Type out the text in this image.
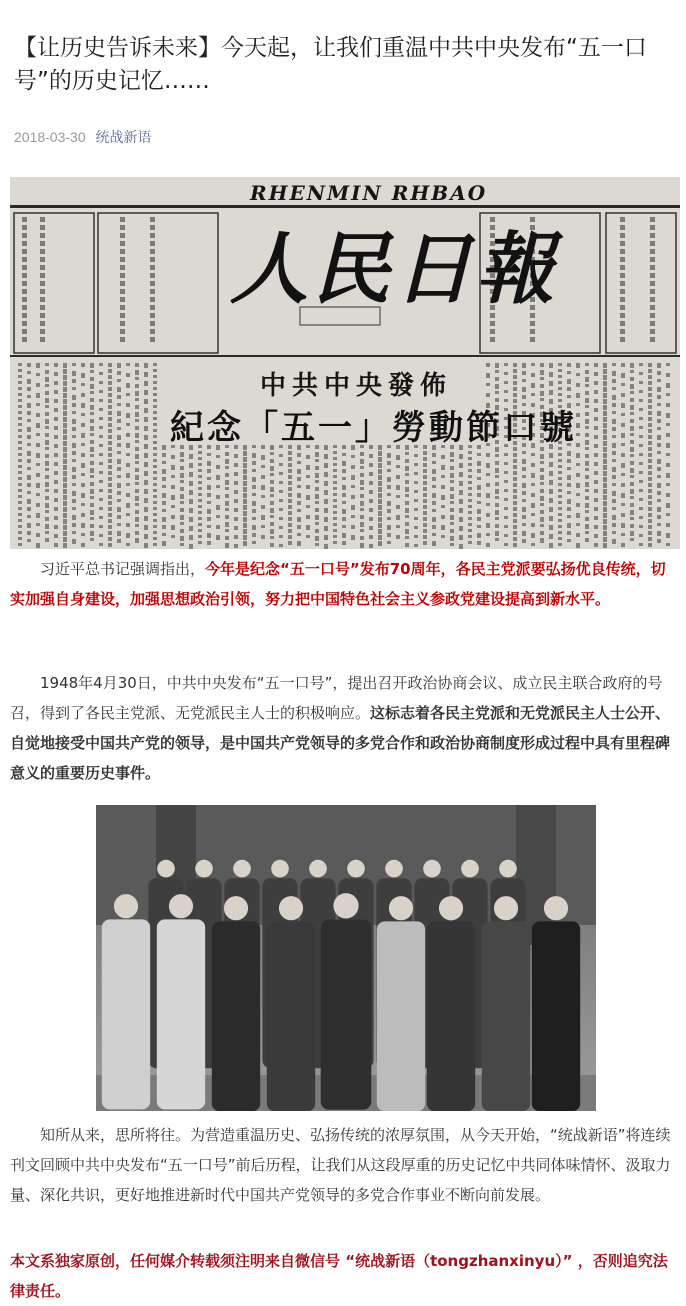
【让历史告诉未来】今天起，让我们重温中共中央发布“五一口号”的历史记忆……
2018-03-30 统战新语
RHENMIN RHBAO
人民日報
中共中央發佈
紀念「五一」勞動節口號

习近平总书记强调指出，今年是纪念“五一口号”发布70周年，各民主党派要弘扬优良传统，切实加强自身建设，加强思想政治引领，努力把中国特色社会主义参政党建设提高到新水平。

1948年4月30日，中共中央发布“五一口号”，提出召开政治协商会议、成立民主联合政府的号召，得到了各民主党派、无党派民主人士的积极响应。这标志着各民主党派和无党派民主人士公开、自觉地接受中国共产党的领导，是中国共产党领导的多党合作和政治协商制度形成过程中具有里程碑意义的重要历史事件。

知所从来，思所将往。为营造重温历史、弘扬传统的浓厚氛围，从今天开始，“统战新语”将连续刊文回顾中共中央发布“五一口号”前后历程，让我们从这段厚重的历史记忆中共同体味情怀、汲取力量、深化共识，更好地推进新时代中国共产党领导的多党合作事业不断向前发展。

本文系独家原创，任何媒介转载须注明来自微信号 “统战新语（tongzhanxinyu）” ，否则追究法律责任。
